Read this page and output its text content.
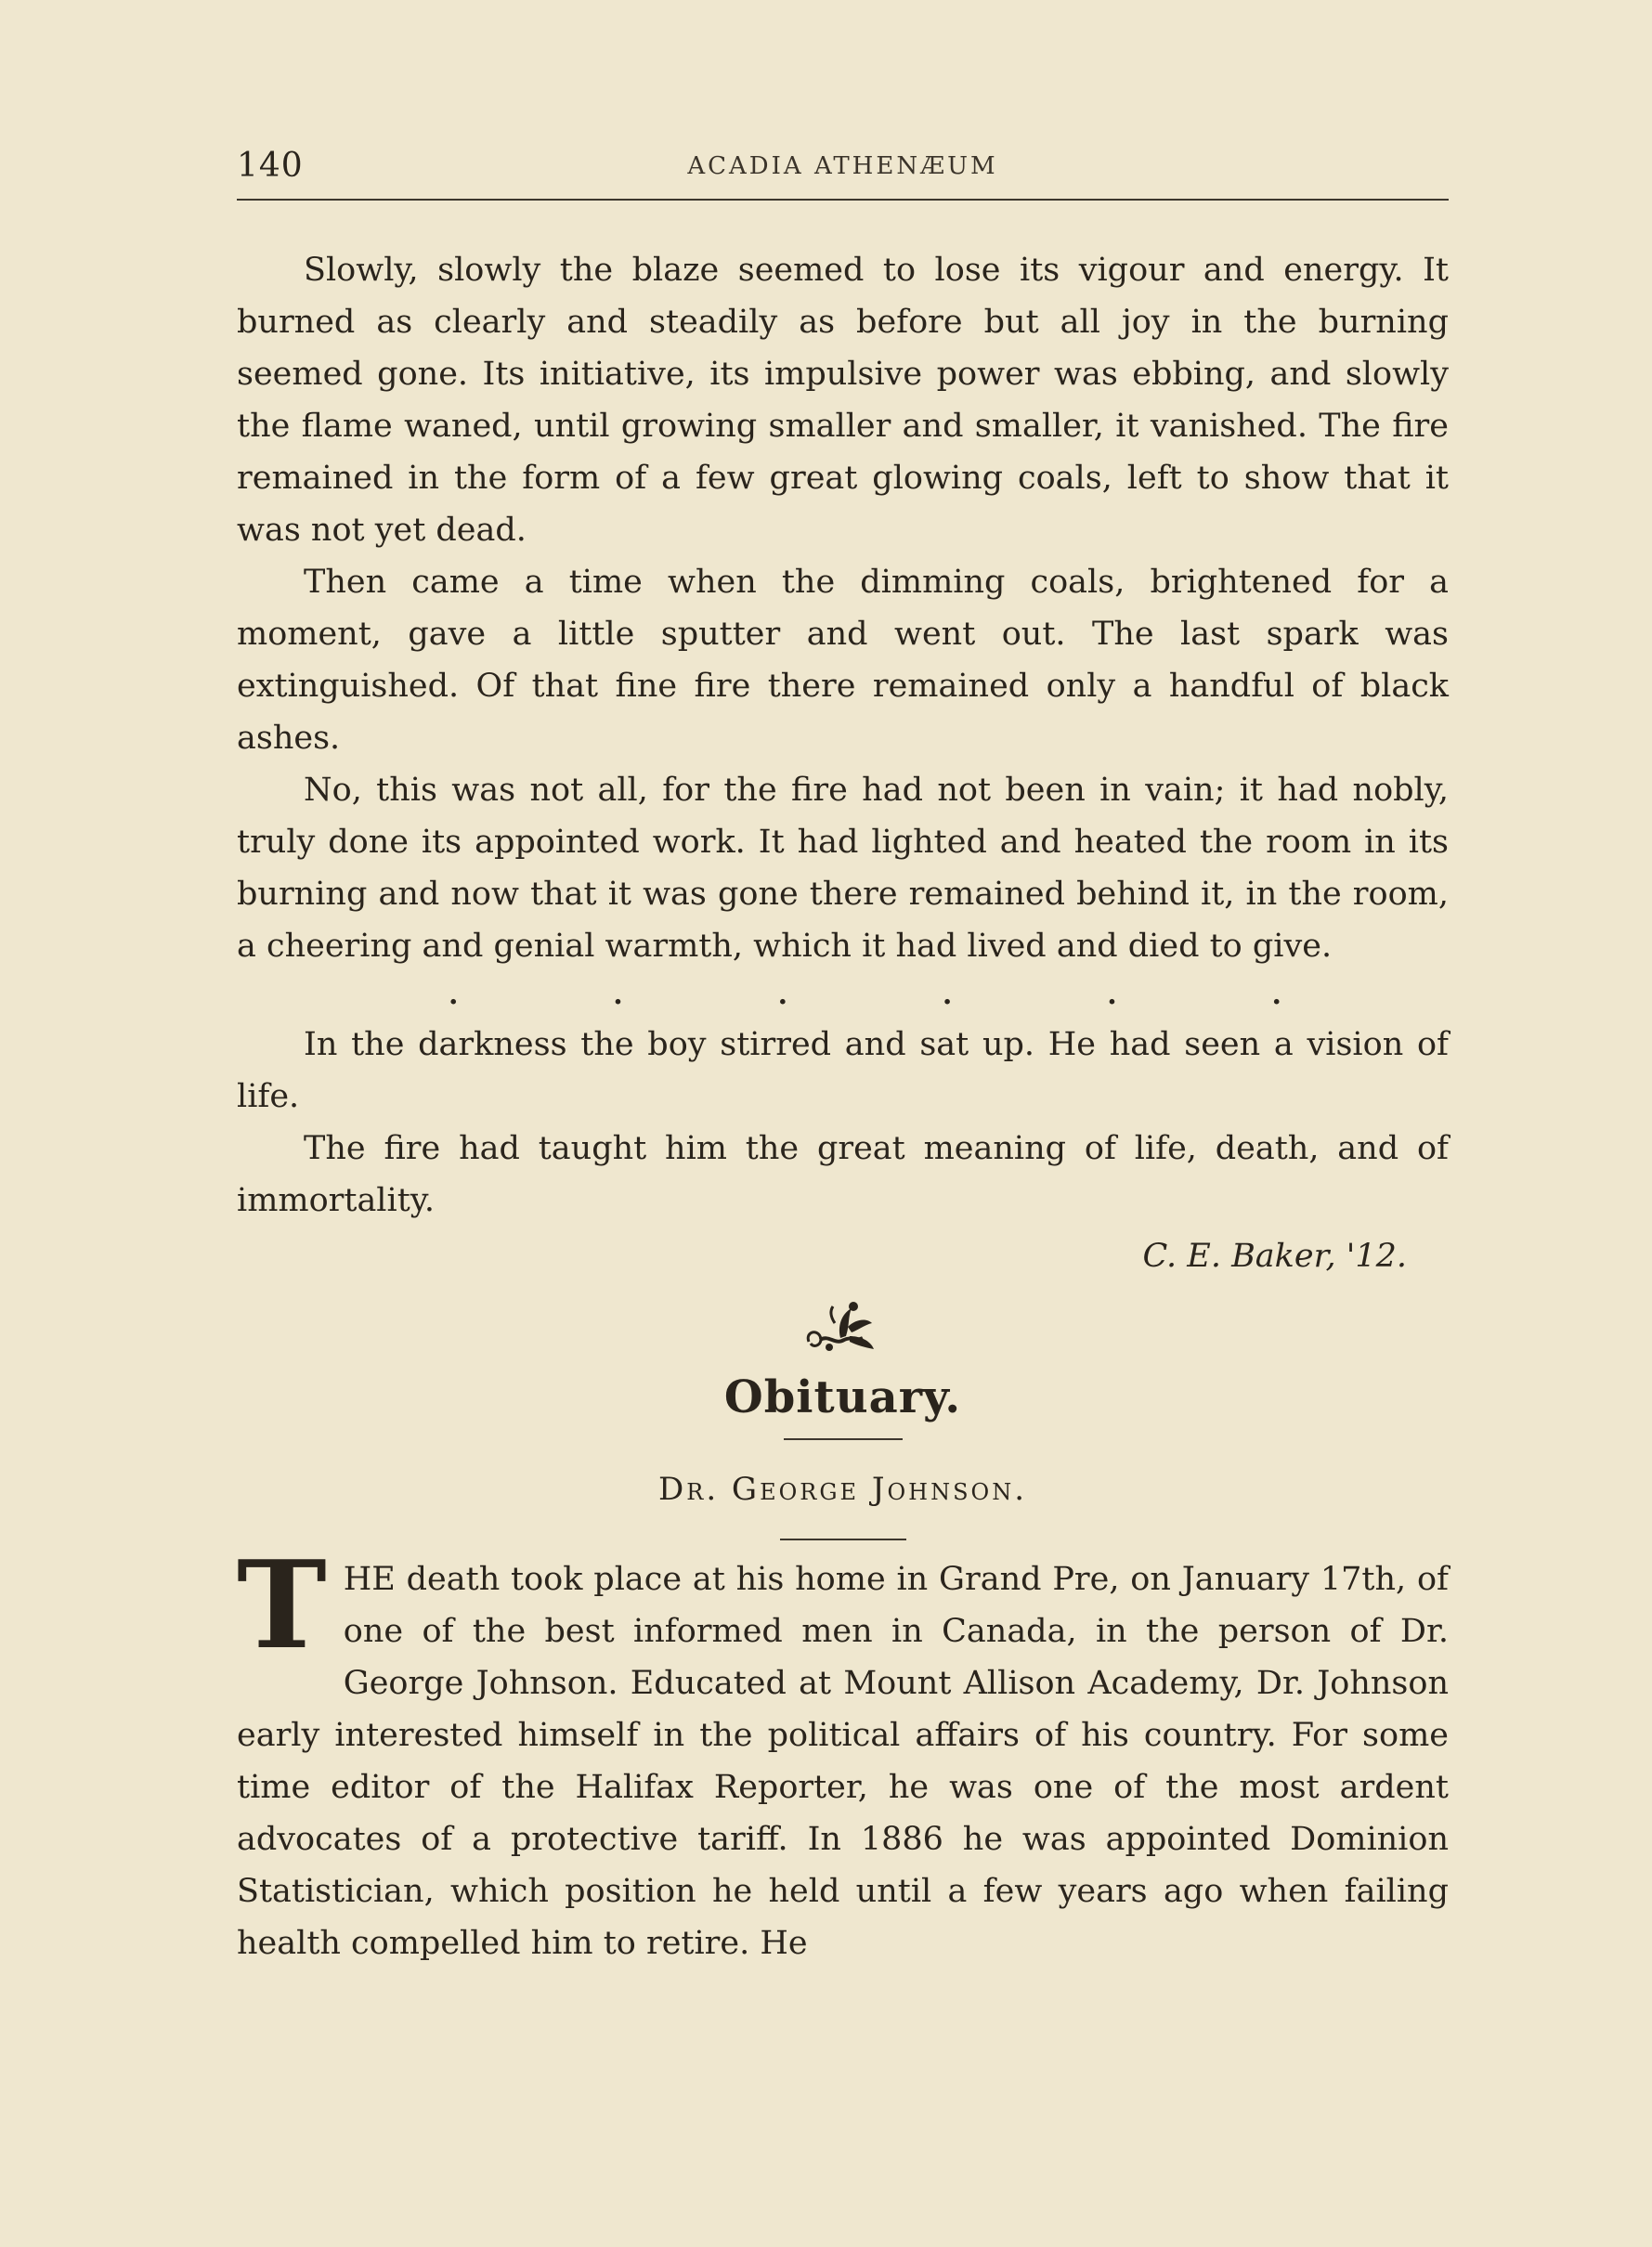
140	ACADIA ATHENÆUM

Slowly, slowly the blaze seemed to lose its vigour and energy. It burned as clearly and steadily as before but all joy in the burning seemed gone. Its initiative, its impulsive power was ebbing, and slowly the flame waned, until growing smaller and smaller, it vanished. The fire remained in the form of a few great glowing coals, left to show that it was not yet dead.

Then came a time when the dimming coals, brightened for a moment, gave a little sputter and went out. The last spark was extinguished. Of that fine fire there remained only a handful of black ashes.

No, this was not all, for the fire had not been in vain; it had nobly, truly done its appointed work. It had lighted and heated the room in its burning and now that it was gone there remained behind it, in the room, a cheering and genial warmth, which it had lived and died to give.

.	.	.	.	.	.

In the darkness the boy stirred and sat up. He had seen a vision of life.

The fire had taught him the great meaning of life, death, and of immortality.

C. E. Baker, '12.
Obituary.
Dr. George Johnson.
T HE death took place at his home in Grand Pre, on January 17th, of one of the best informed men in Canada, in the person of Dr. George Johnson. Educated at Mount Allison Academy, Dr. Johnson early interested himself in the political affairs of his country. For some time editor of the Halifax Reporter, he was one of the most ardent advocates of a protective tariff. In 1886 he was appointed Dominion Statistician, which position he held until a few years ago when failing health compelled him to retire. He
